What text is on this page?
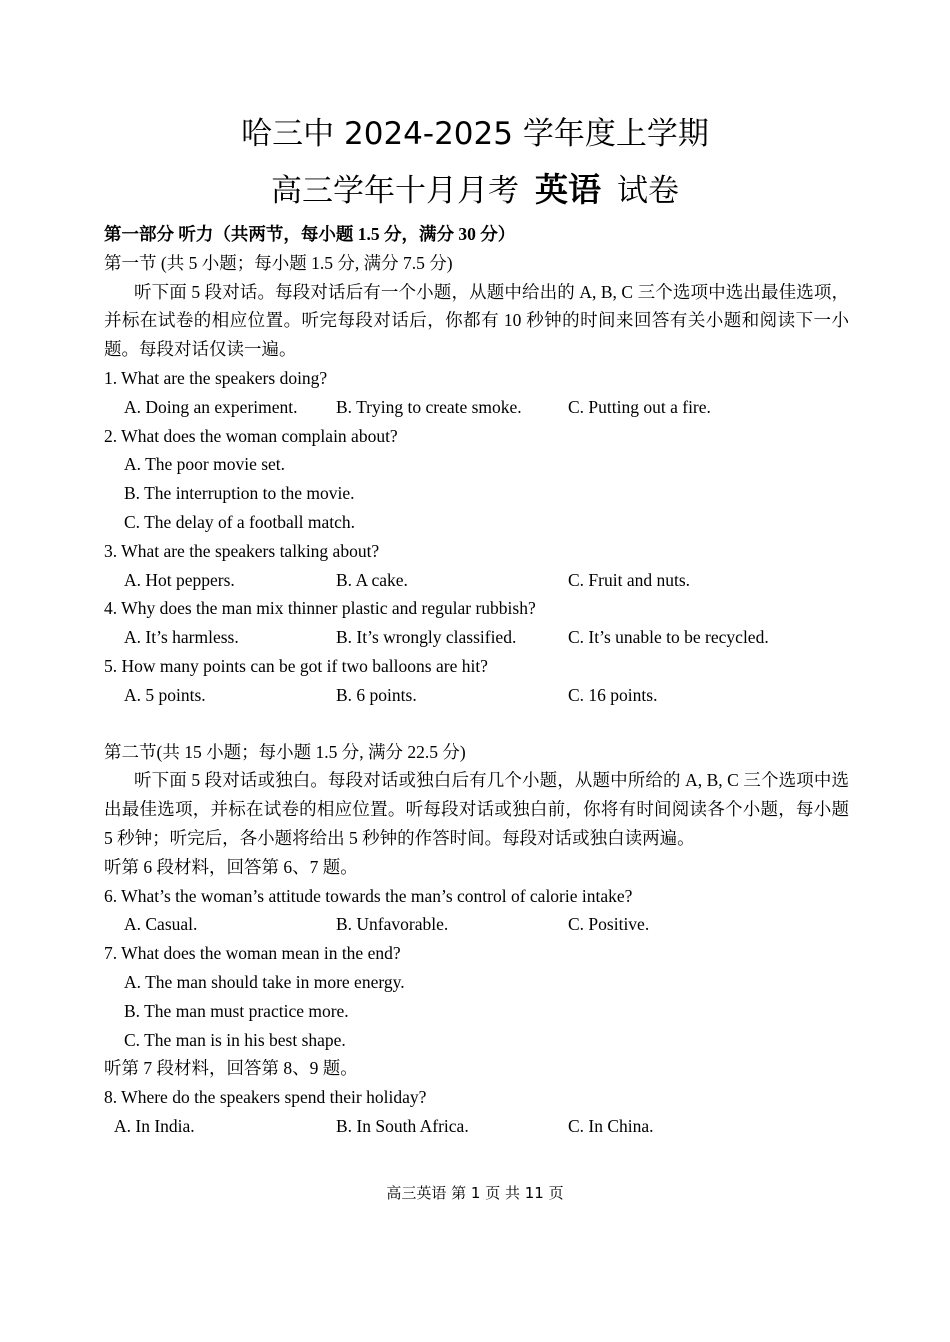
哈三中 2024-2025 学年度上学期
高三学年十月月考 英语 试卷
第一部分 听力（共两节，每小题 1.5 分，满分 30 分）
第一节 (共 5 小题；每小题 1.5 分, 满分 7.5 分)
听下面 5 段对话。每段对话后有一个小题，从题中给出的 A, B, C 三个选项中选出最佳选项，并标在试卷的相应位置。听完每段对话后，你都有 10 秒钟的时间来回答有关小题和阅读下一小题。每段对话仅读一遍。
1. What are the speakers doing?
A. Doing an experiment. B. Trying to create smoke.	C. Putting out a fire.
2. What does the woman complain about?
A. The poor movie set.
B. The interruption to the movie.
C. The delay of a football match.
3. What are the speakers talking about?
A. Hot peppers.	B. A cake.	C. Fruit and nuts.
4. Why does the man mix thinner plastic and regular rubbish?
A. It’s harmless.	B. It’s wrongly classified.	C. It’s unable to be recycled.
5. How many points can be got if two balloons are hit?
A. 5 points.	B. 6 points.	C. 16 points.
第二节(共 15 小题；每小题 1.5 分, 满分 22.5 分)
听下面 5 段对话或独白。每段对话或独白后有几个小题，从题中所给的 A, B, C 三个选项中选出最佳选项，并标在试卷的相应位置。听每段对话或独白前，你将有时间阅读各个小题，每小题 5 秒钟；听完后，各小题将给出 5 秒钟的作答时间。每段对话或独白读两遍。
听第 6 段材料，回答第 6、7 题。
6. What’s the woman’s attitude towards the man’s control of calorie intake?
A. Casual.	B. Unfavorable.	C. Positive.
7. What does the woman mean in the end?
A. The man should take in more energy.
B. The man must practice more.
C. The man is in his best shape.
听第 7 段材料，回答第 8、9 题。
8. Where do the speakers spend their holiday?
A. In India.	B. In South Africa.	C. In China.
高三英语 第 1 页 共 11 页
